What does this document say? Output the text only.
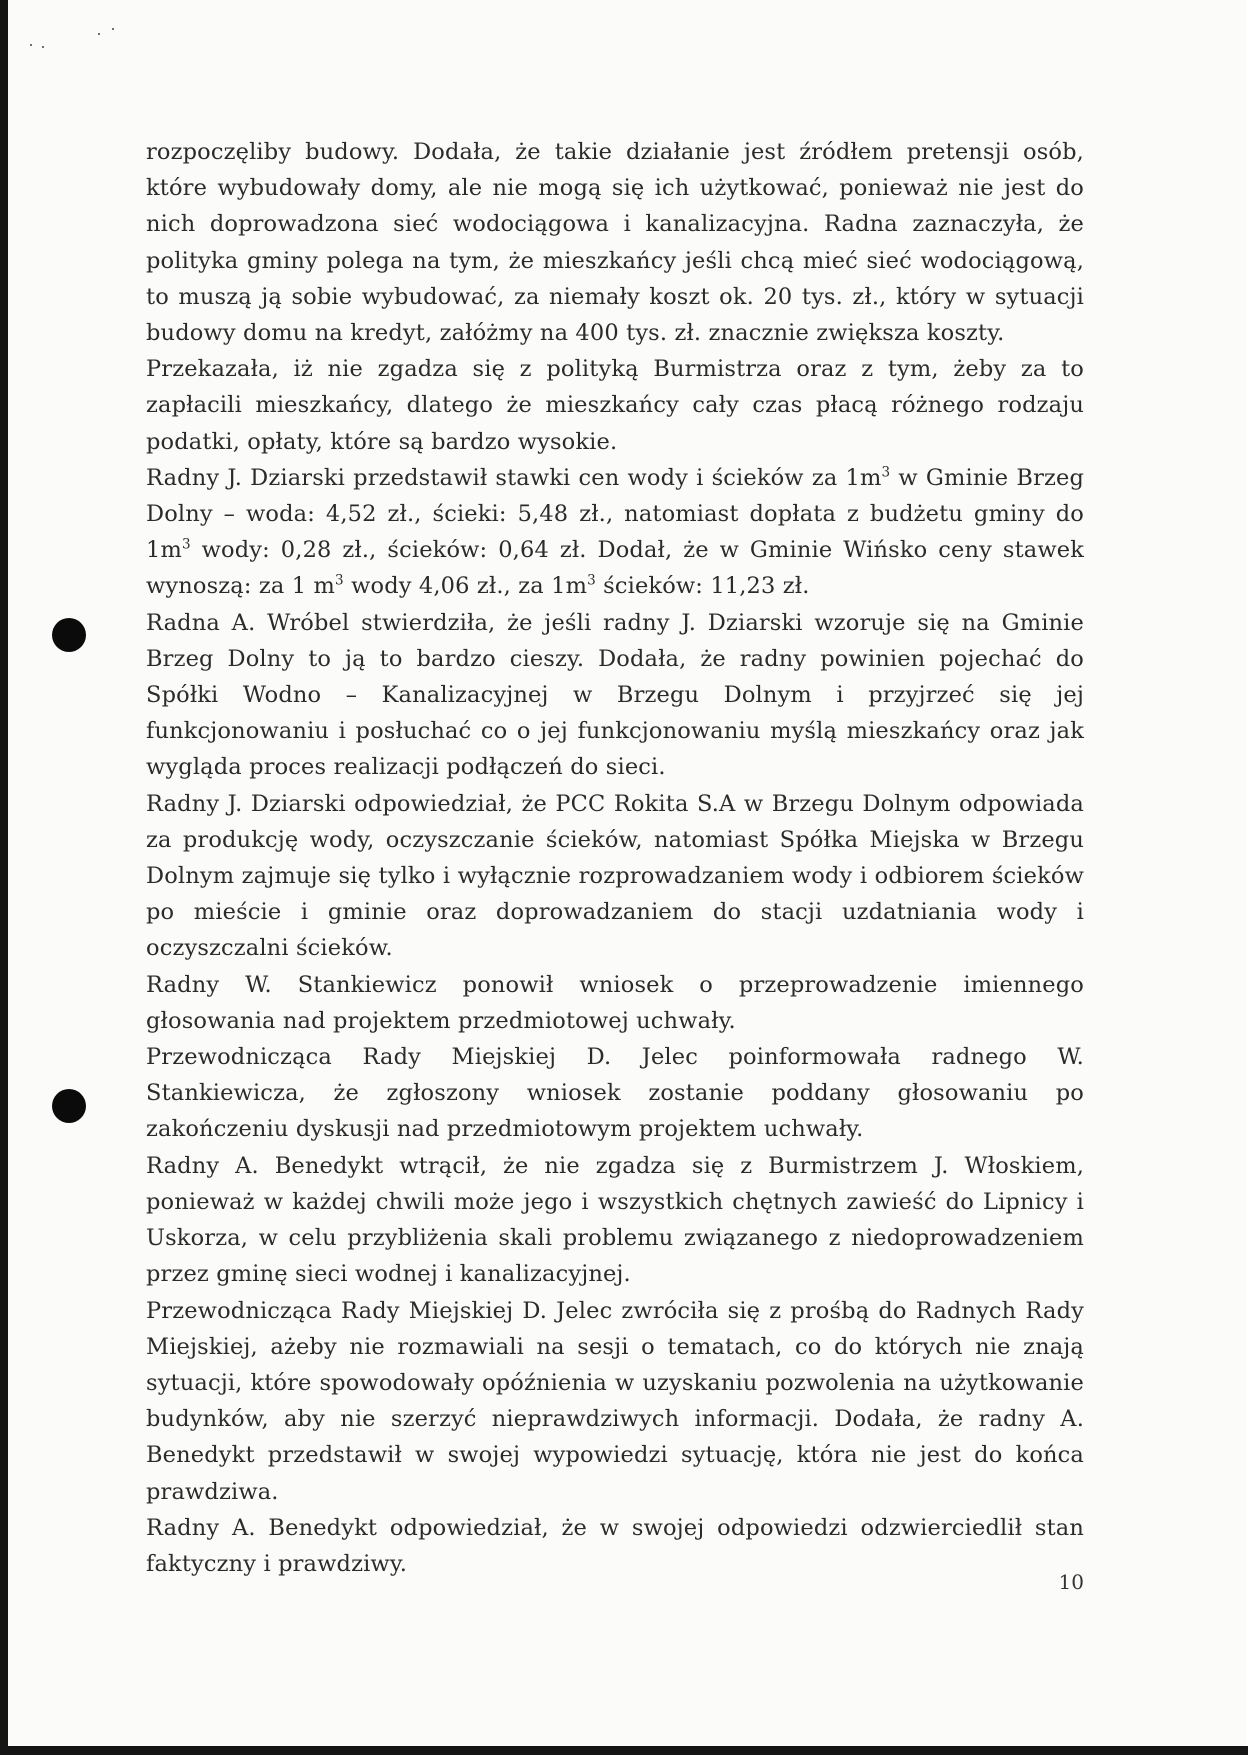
rozpoczęliby budowy. Dodała, że takie działanie jest źródłem pretensji osób, które wybudowały domy, ale nie mogą się ich użytkować, ponieważ nie jest do nich doprowadzona sieć wodociągowa i kanalizacyjna. Radna zaznaczyła, że polityka gminy polega na tym, że mieszkańcy jeśli chcą mieć sieć wodociągową, to muszą ją sobie wybudować, za niemały koszt ok. 20 tys. zł., który w sytuacji budowy domu na kredyt, załóżmy na 400 tys. zł. znacznie zwiększa koszty.

Przekazała, iż nie zgadza się z polityką Burmistrza oraz z tym, żeby za to zapłacili mieszkańcy, dlatego że mieszkańcy cały czas płacą różnego rodzaju podatki, opłaty, które są bardzo wysokie.

Radny J. Dziarski przedstawił stawki cen wody i ścieków za $1m^3$ w Gminie Brzeg Dolny – woda: 4,52 zł., ścieki: 5,48 zł., natomiast dopłata z budżetu gminy do $1m^3$ wody: 0,28 zł., ścieków: 0,64 zł. Dodał, że w Gminie Wińsko ceny stawek wynoszą: za 1 $m^3$ wody 4,06 zł., za $1m^3$ ścieków: 11,23 zł.

Radna A. Wróbel stwierdziła, że jeśli radny J. Dziarski wzoruje się na Gminie Brzeg Dolny to ją to bardzo cieszy. Dodała, że radny powinien pojechać do Spółki Wodno – Kanalizacyjnej w Brzegu Dolnym i przyjrzeć się jej funkcjonowaniu i posłuchać co o jej funkcjonowaniu myślą mieszkańcy oraz jak wygląda proces realizacji podłączeń do sieci.

Radny J. Dziarski odpowiedział, że PCC Rokita S.A w Brzegu Dolnym odpowiada za produkcję wody, oczyszczanie ścieków, natomiast Spółka Miejska w Brzegu Dolnym zajmuje się tylko i wyłącznie rozprowadzaniem wody i odbiorem ścieków po mieście i gminie oraz doprowadzaniem do stacji uzdatniania wody i oczyszczalni ścieków.

Radny W. Stankiewicz ponowił wniosek o przeprowadzenie imiennego głosowania nad projektem przedmiotowej uchwały.

Przewodnicząca Rady Miejskiej D. Jelec poinformowała radnego W. Stankiewicza, że zgłoszony wniosek zostanie poddany głosowaniu po zakończeniu dyskusji nad przedmiotowym projektem uchwały.

Radny A. Benedykt wtrącił, że nie zgadza się z Burmistrzem J. Włoskiem, ponieważ w każdej chwili może jego i wszystkich chętnych zawieść do Lipnicy i Uskorza, w celu przybliżenia skali problemu związanego z niedoprowadzeniem przez gminę sieci wodnej i kanalizacyjnej.

Przewodnicząca Rady Miejskiej D. Jelec zwróciła się z prośbą do Radnych Rady Miejskiej, ażeby nie rozmawiali na sesji o tematach, co do których nie znają sytuacji, które spowodowały opóźnienia w uzyskaniu pozwolenia na użytkowanie budynków, aby nie szerzyć nieprawdziwych informacji. Dodała, że radny A. Benedykt przedstawił w swojej wypowiedzi sytuację, która nie jest do końca prawdziwa.

Radny A. Benedykt odpowiedział, że w swojej odpowiedzi odzwierciedlił stan faktyczny i prawdziwy.

10
